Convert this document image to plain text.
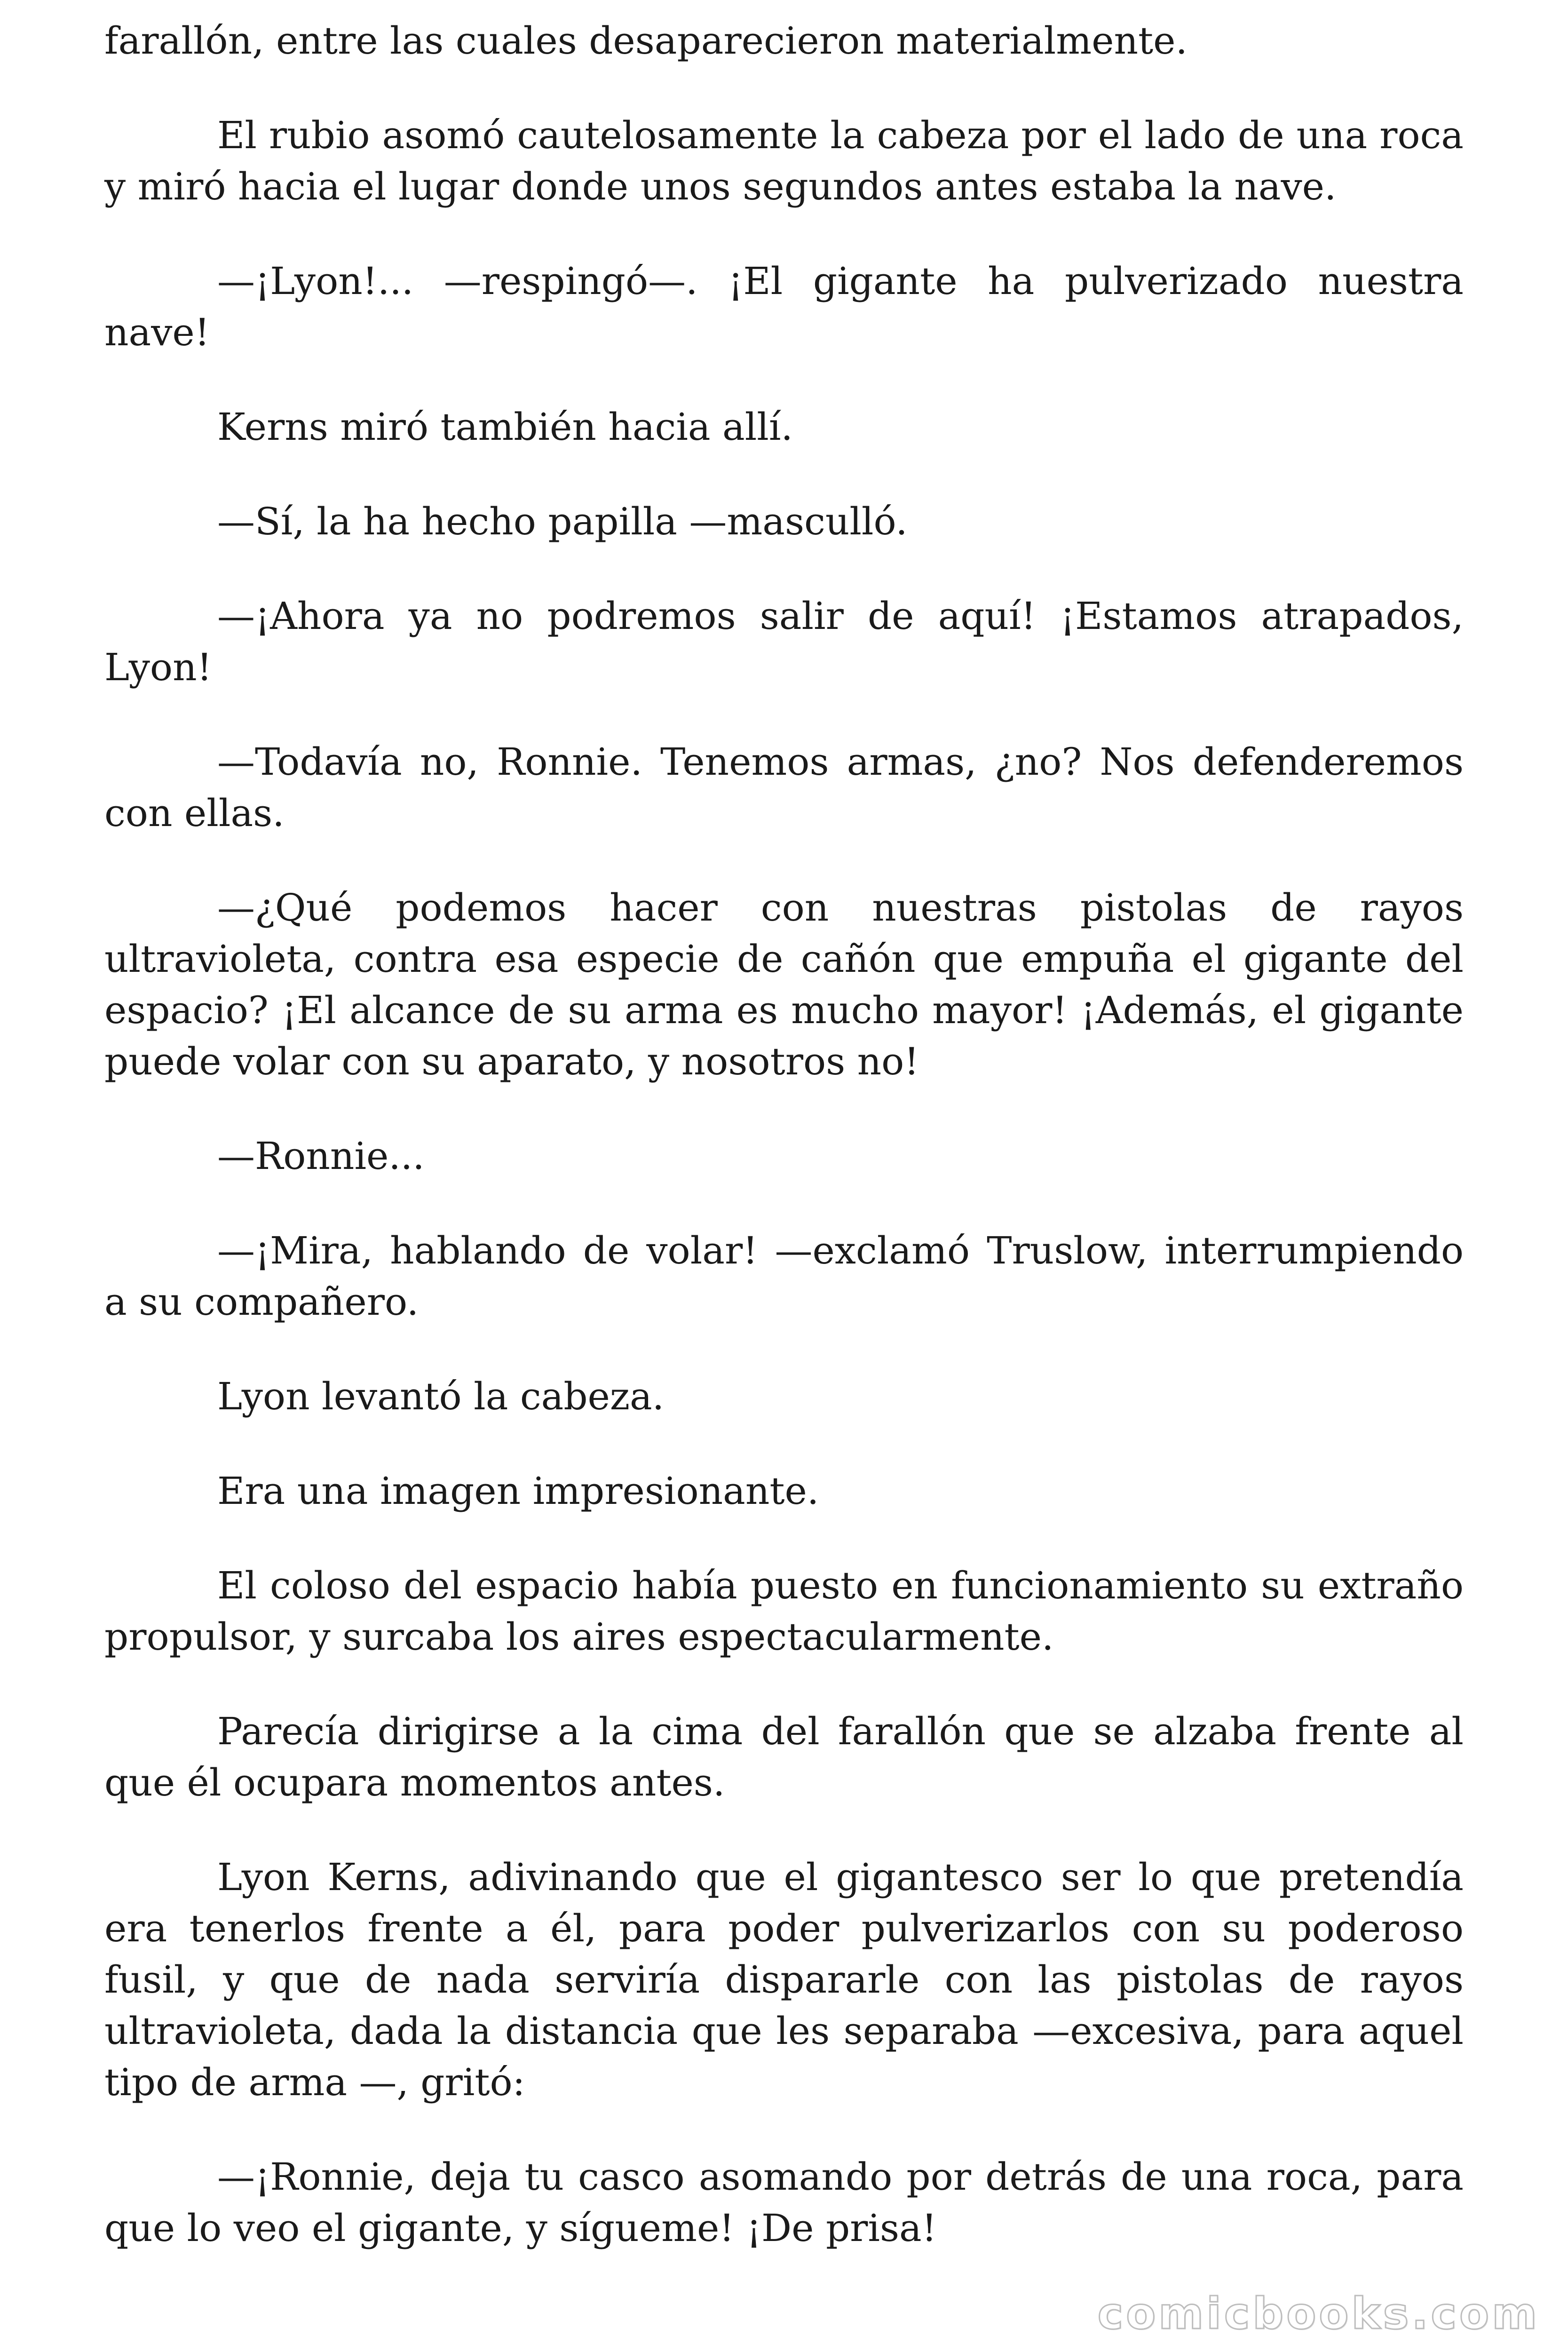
farallón, entre las cuales desaparecieron materialmente.

El rubio asomó cautelosamente la cabeza por el lado de una roca y miró hacia el lugar donde unos segundos antes estaba la nave.

—¡Lyon!... —respingó—. ¡El gigante ha pulverizado nuestra nave!

Kerns miró también hacia allí.

—Sí, la ha hecho papilla —masculló.

—¡Ahora ya no podremos salir de aquí! ¡Estamos atrapados, Lyon!

—Todavía no, Ronnie. Tenemos armas, ¿no? Nos defenderemos con ellas.

—¿Qué podemos hacer con nuestras pistolas de rayos ultravioleta, contra esa especie de cañón que empuña el gigante del espacio? ¡El alcance de su arma es mucho mayor! ¡Además, el gigante puede volar con su aparato, y nosotros no!

—Ronnie...

—¡Mira, hablando de volar! —exclamó Truslow, interrumpiendo a su compañero.

Lyon levantó la cabeza.

Era una imagen impresionante.

El coloso del espacio había puesto en funcionamiento su extraño propulsor, y surcaba los aires espectacularmente.

Parecía dirigirse a la cima del farallón que se alzaba frente al que él ocupara momentos antes.

Lyon Kerns, adivinando que el gigantesco ser lo que pretendía era tenerlos frente a él, para poder pulverizarlos con su poderoso fusil, y que de nada serviría dispararle con las pistolas de rayos ultravioleta, dada la distancia que les separaba —excesiva, para aquel tipo de arma —, gritó:

—¡Ronnie, deja tu casco asomando por detrás de una roca, para que lo veo el gigante, y sígueme! ¡De prisa!

comicbooks.com
